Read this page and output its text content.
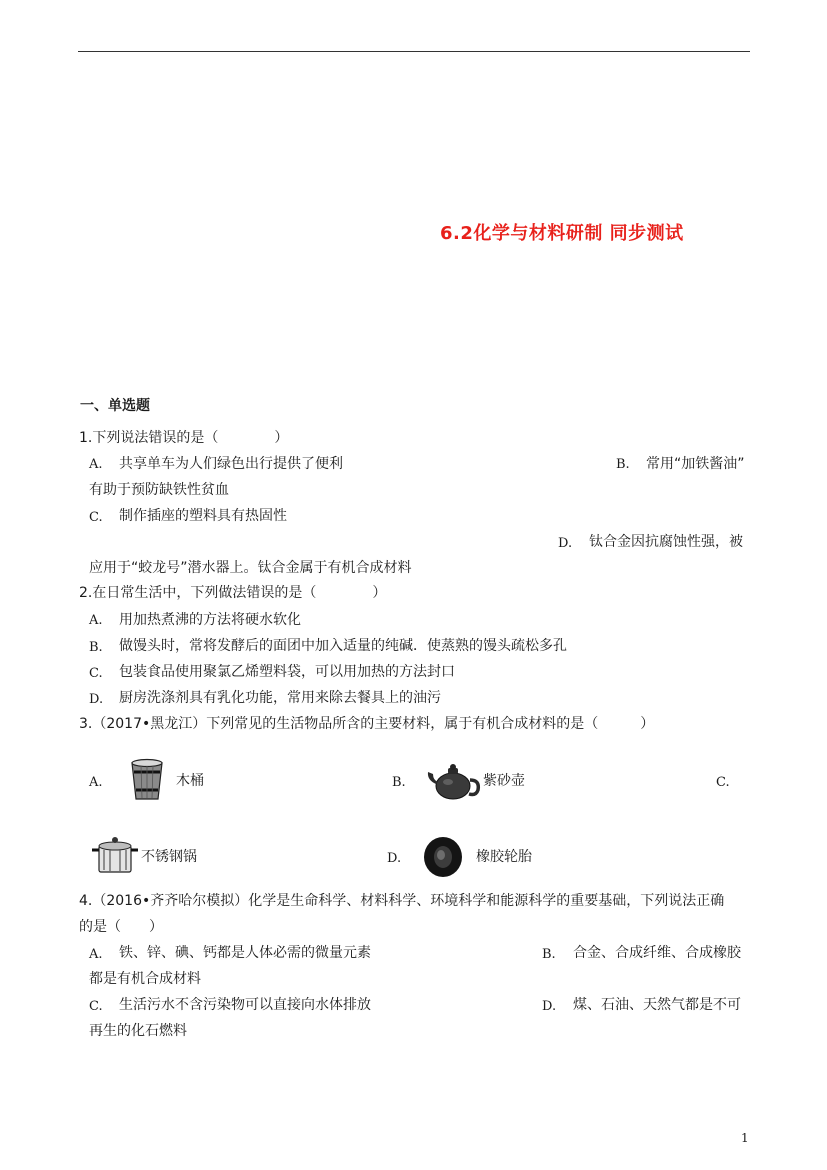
6.2化学与材料研制 同步测试
一、单选题
1.下列说法错误的是（　　　　）
A. 共享单车为人们绿色出行提供了便利	B. 常用“加铁酱油”
有助于预防缺铁性贫血
C. 制作插座的塑料具有热固性
D. 钛合金因抗腐蚀性强，被
应用于“蛟龙号”潜水器上。钛合金属于有机合成材料
2.在日常生活中，下列做法错误的是（　　　　）
A. 用加热煮沸的方法将硬水软化
B. 做馒头时，常将发酵后的面团中加入适量的纯碱．使蒸熟的馒头疏松多孔
C. 包装食品使用聚氯乙烯塑料袋，可以用加热的方法封口
D. 厨房洗涤剂具有乳化功能，常用来除去餐具上的油污
3.（2017•黑龙江）下列常见的生活物品所含的主要材料，属于有机合成材料的是（　　　）
A.	木桶	B.	紫砂壶	C.
不锈钢锅	D.	橡胶轮胎
4.（2016•齐齐哈尔模拟）化学是生命科学、材料科学、环境科学和能源科学的重要基础，下列说法正确
的是（　　）
A. 铁、锌、碘、钙都是人体必需的微量元素	B. 合金、合成纤维、合成橡胶
都是有机合成材料
C. 生活污水不含污染物可以直接向水体排放	D. 煤、石油、天然气都是不可
再生的化石燃料
1
